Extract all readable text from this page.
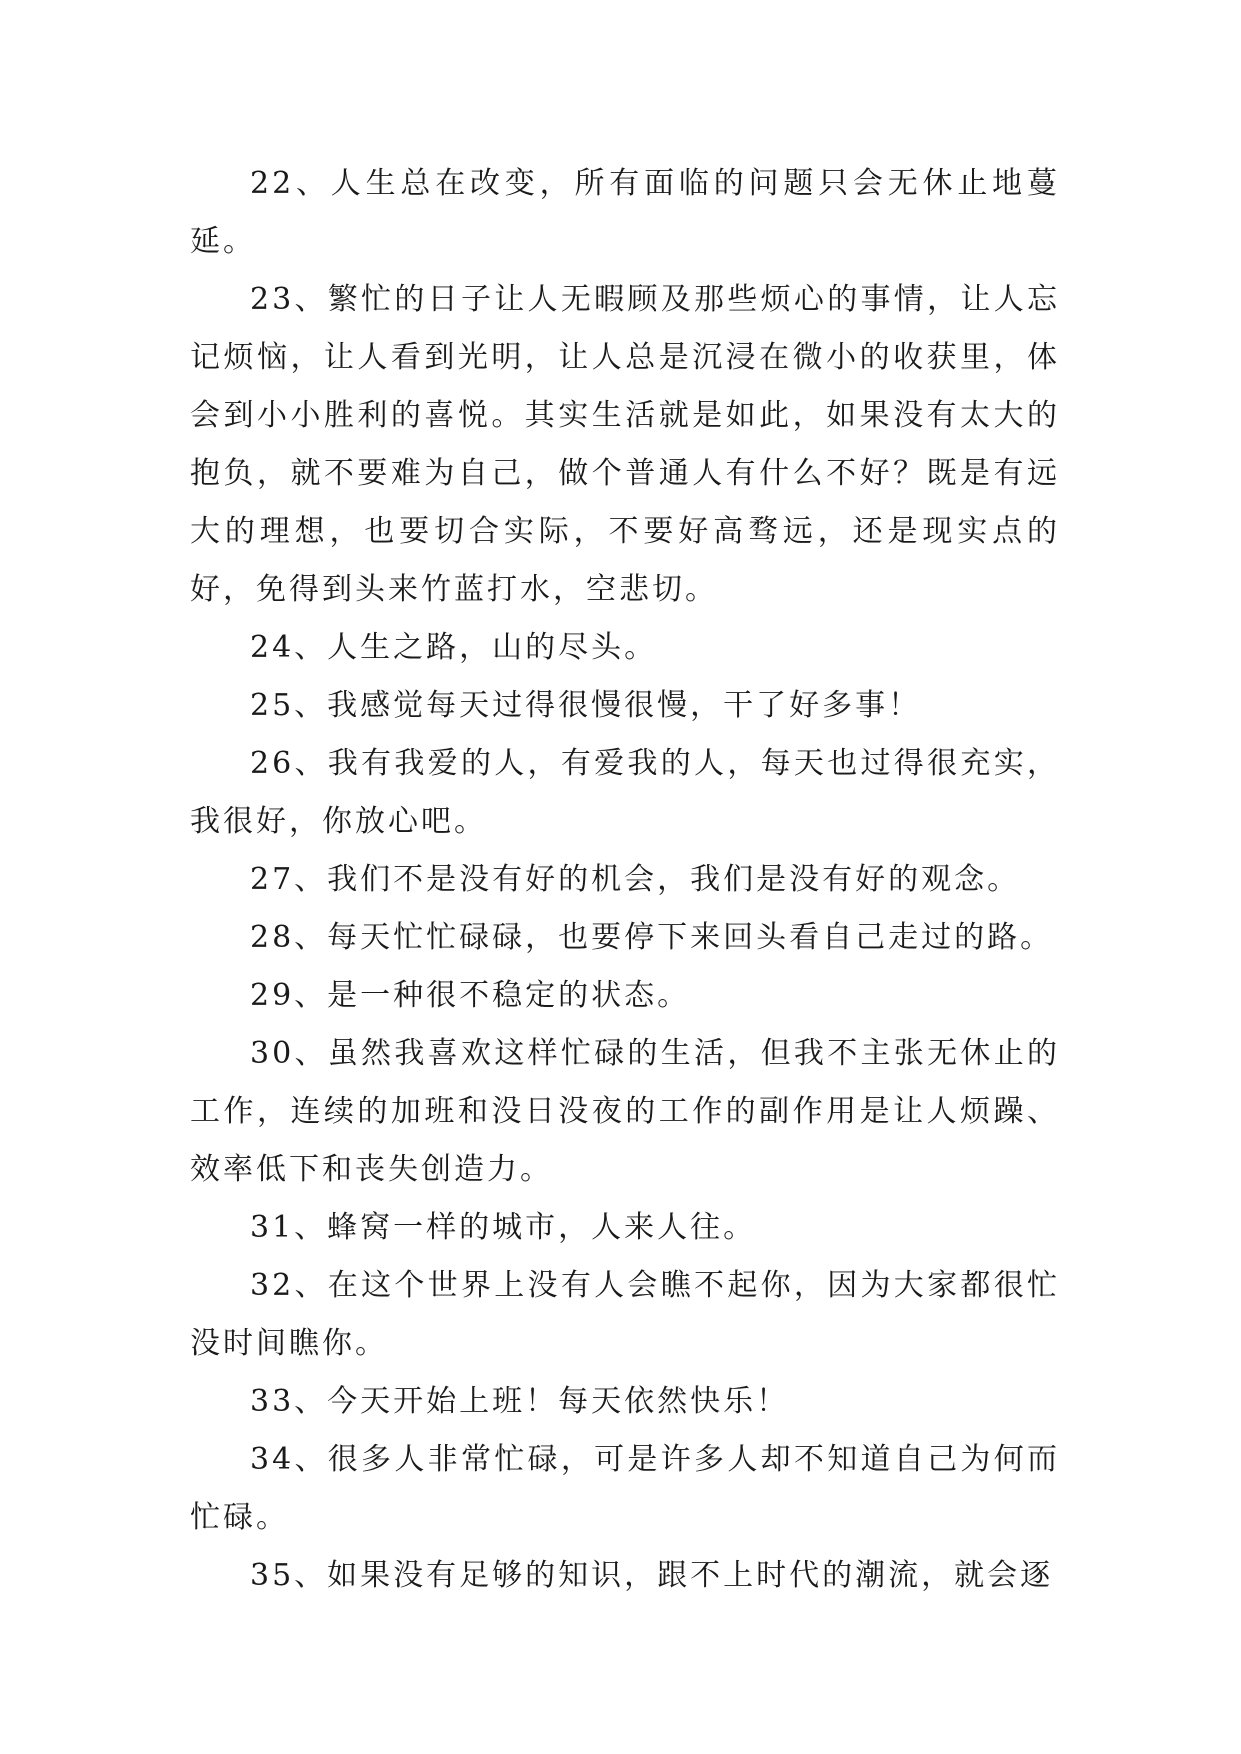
22、人生总在改变，所有面临的问题只会无休止地蔓延。

23、繁忙的日子让人无暇顾及那些烦心的事情，让人忘记烦恼，让人看到光明，让人总是沉浸在微小的收获里，体会到小小胜利的喜悦。其实生活就是如此，如果没有太大的抱负，就不要难为自己，做个普通人有什么不好？既是有远大的理想，也要切合实际，不要好高骛远，还是现实点的好，免得到头来竹蓝打水，空悲切。

24、人生之路，山的尽头。

25、我感觉每天过得很慢很慢，干了好多事！

26、我有我爱的人，有爱我的人，每天也过得很充实，我很好，你放心吧。

27、我们不是没有好的机会，我们是没有好的观念。

28、每天忙忙碌碌，也要停下来回头看自己走过的路。

29、是一种很不稳定的状态。

30、虽然我喜欢这样忙碌的生活，但我不主张无休止的工作，连续的加班和没日没夜的工作的副作用是让人烦躁、效率低下和丧失创造力。

31、蜂窝一样的城市，人来人往。

32、在这个世界上没有人会瞧不起你，因为大家都很忙没时间瞧你。

33、今天开始上班！每天依然快乐！

34、很多人非常忙碌，可是许多人却不知道自己为何而忙碌。

35、如果没有足够的知识，跟不上时代的潮流，就会逐
